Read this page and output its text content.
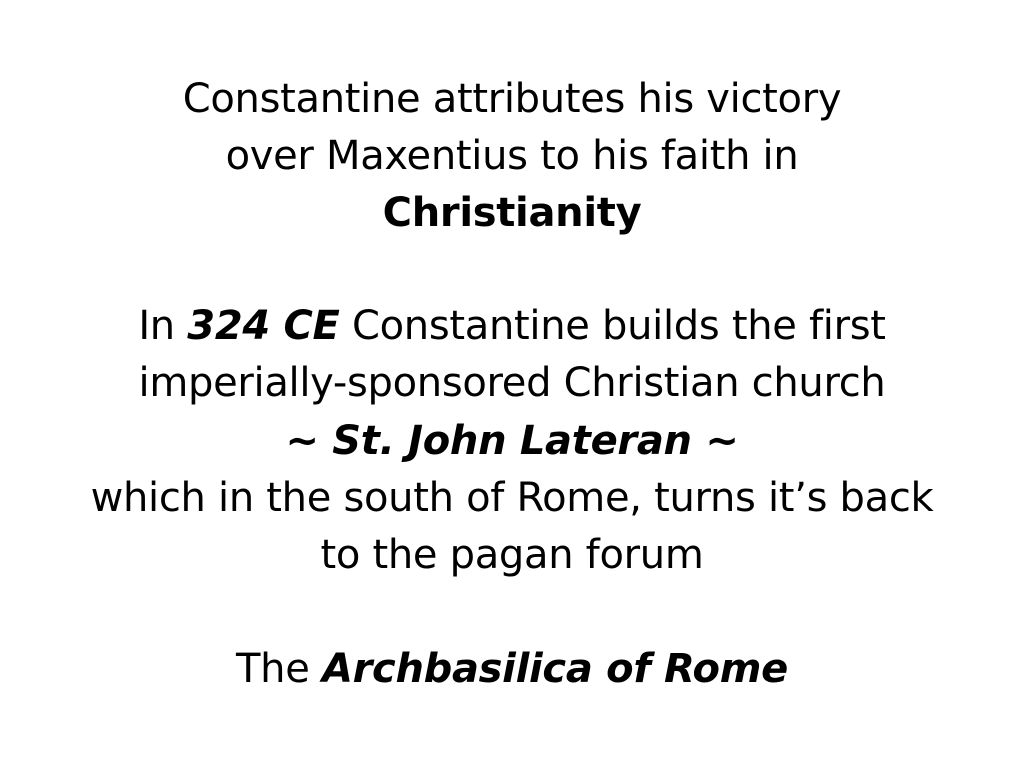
Constantine attributes his victory
over Maxentius to his faith in
Christianity
In 324 CE Constantine builds the first
imperially-sponsored Christian church
~ St. John Lateran ~
which in the south of Rome, turns it’s back
to the pagan forum
The Archbasilica of Rome
